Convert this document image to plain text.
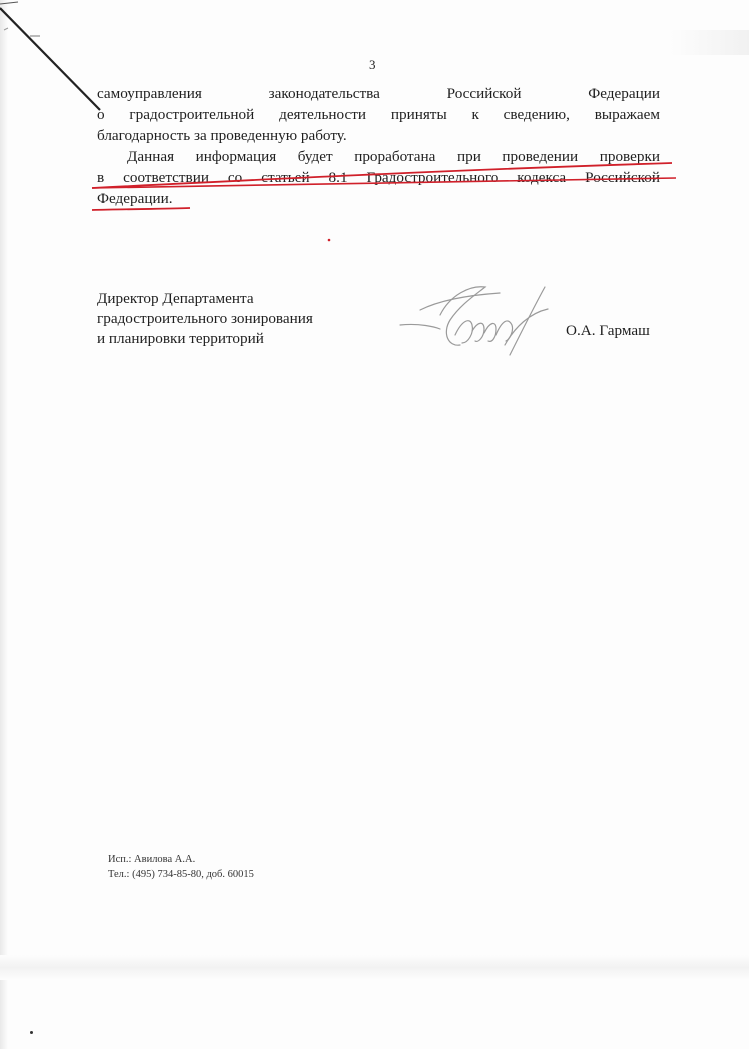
3
самоуправления	законодательства	Российской	Федерации
о градостроительной деятельности приняты к сведению, выражаем
благодарность за проведенную работу.
Данная информация будет проработана при проведении проверки
в соответствии со статьей 8.1 Градостроительного кодекса Российской
Федерации.
Директор Департамента
градостроительного зонирования
и планировки территорий	О.А. Гармаш
Исп.: Авилова А.А.
Тел.: (495) 734-85-80, доб. 60015
